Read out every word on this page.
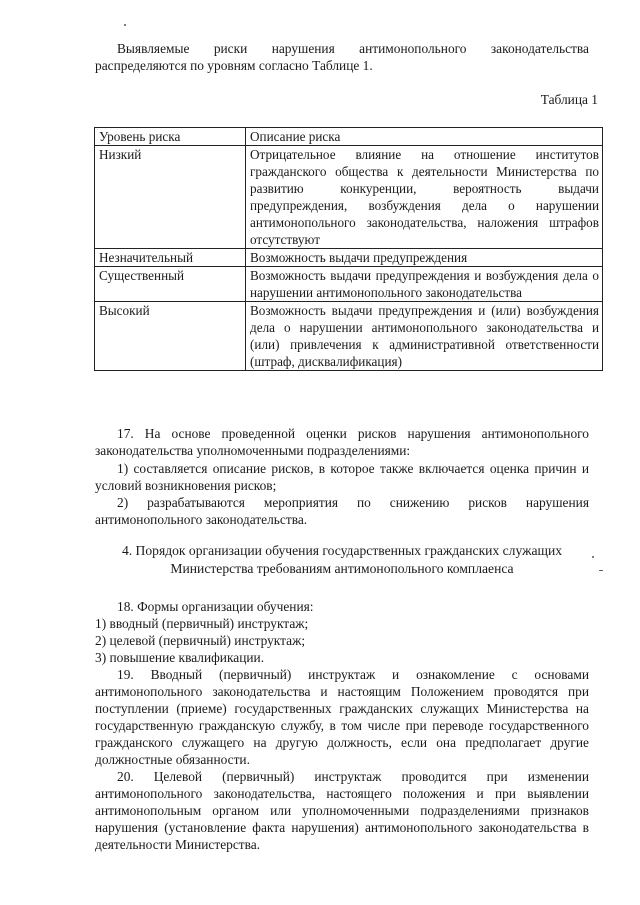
Выявляемые риски нарушения антимонопольного законодательства распределяются по уровням согласно Таблице 1.

Таблица 1
Уровень риска	Описание риска
Низкий	Отрицательное влияние на отношение институтов гражданского общества к деятельности Министерства по развитию конкуренции, вероятность выдачи предупреждения, возбуждения дела о нарушении антимонопольного законодательства, наложения штрафов отсутствуют
Незначительный	Возможность выдачи предупреждения
Существенный	Возможность выдачи предупреждения и возбуждения дела о нарушении антимонопольного законодательства
Высокий	Возможность выдачи предупреждения и (или) возбуждения дела о нарушении антимонопольного законодательства и (или) привлечения к административной ответственности (штраф, дисквалификация)

17. На основе проведенной оценки рисков нарушения антимонопольного законодательства уполномоченными подразделениями:

1) составляется описание рисков, в которое также включается оценка причин и условий возникновения рисков;

2) разрабатываются мероприятия по снижению рисков нарушения антимонопольного законодательства.

4. Порядок организации обучения государственных гражданских служащих
Министерства требованиям антимонопольного комплаенса

18. Формы организации обучения:

1) вводный (первичный) инструктаж;

2) целевой (первичный) инструктаж;

3) повышение квалификации.

19. Вводный (первичный) инструктаж и ознакомление с основами антимонопольного законодательства и настоящим Положением проводятся при поступлении (приеме) государственных гражданских служащих Министерства на государственную гражданскую службу, в том числе при переводе государственного гражданского служащего на другую должность, если она предполагает другие должностные обязанности.

20. Целевой (первичный) инструктаж проводится при изменении антимонопольного законодательства, настоящего положения и при выявлении антимонопольным органом или уполномоченными подразделениями признаков нарушения (установление факта нарушения) антимонопольного законодательства в деятельности Министерства.
